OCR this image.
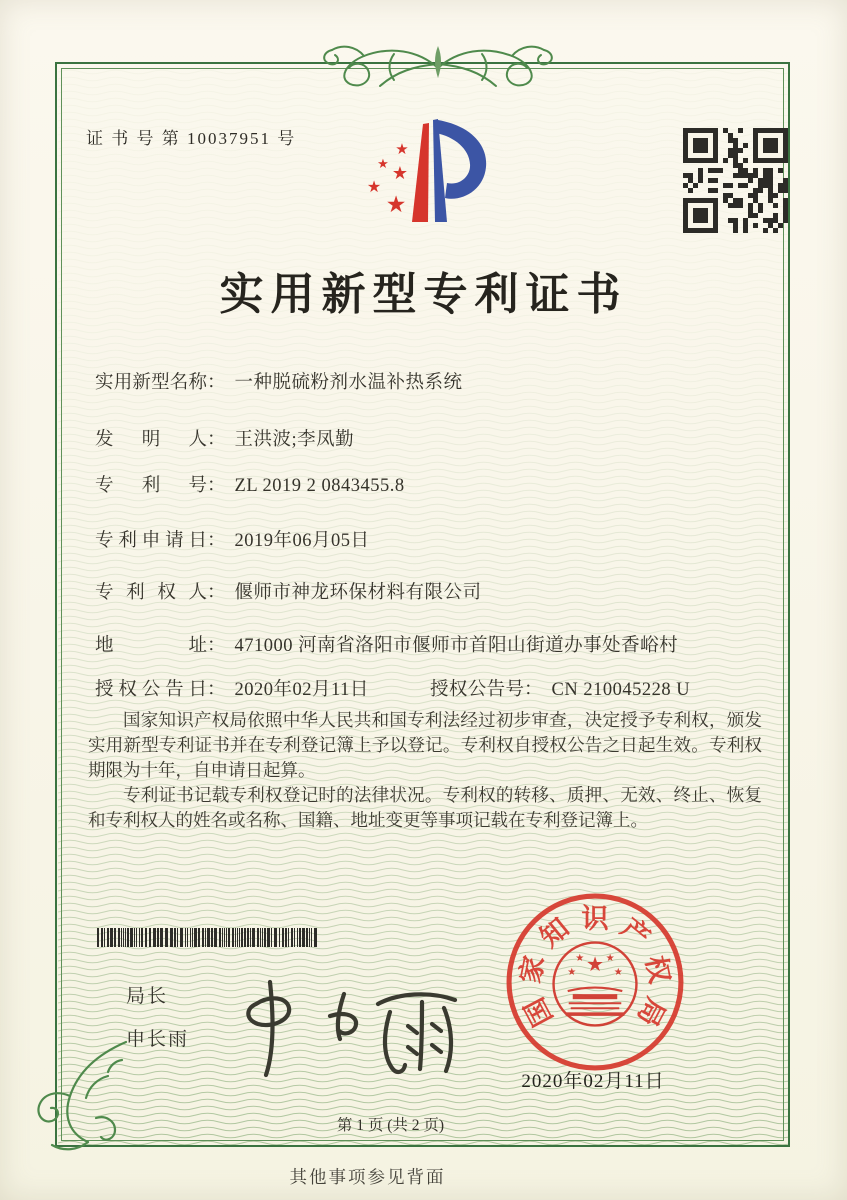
证 书 号 第 10037951 号
★
★ ★
★
★
实用新型专利证书
实用新型名称： 一种脱硫粉剂水温补热系统
发明人： 王洪波;李凤勤
专利号： ZL 2019 2 0843455.8
专利申请日： 2019年06月05日
专利权人： 偃师市神龙环保材料有限公司
地址： 471000 河南省洛阳市偃师市首阳山街道办事处香峪村
授权公告日： 2020年02月11日	授权公告号： CN 210045228 U

国家知识产权局依照中华人民共和国专利法经过初步审查，决定授予专利权，颁发实用新型专利证书并在专利登记簿上予以登记。专利权自授权公告之日起生效。专利权期限为十年，自申请日起算。

专利证书记载专利权登记时的法律状况。专利权的转移、质押、无效、终止、恢复和专利权人的姓名或名称、国籍、地址变更等事项记载在专利登记簿上。

局长
申长雨
国
家
知 识 产
权
局
★
★	★
★ ★
2020年02月11日
第 1 页 (共 2 页)
其他事项参见背面
